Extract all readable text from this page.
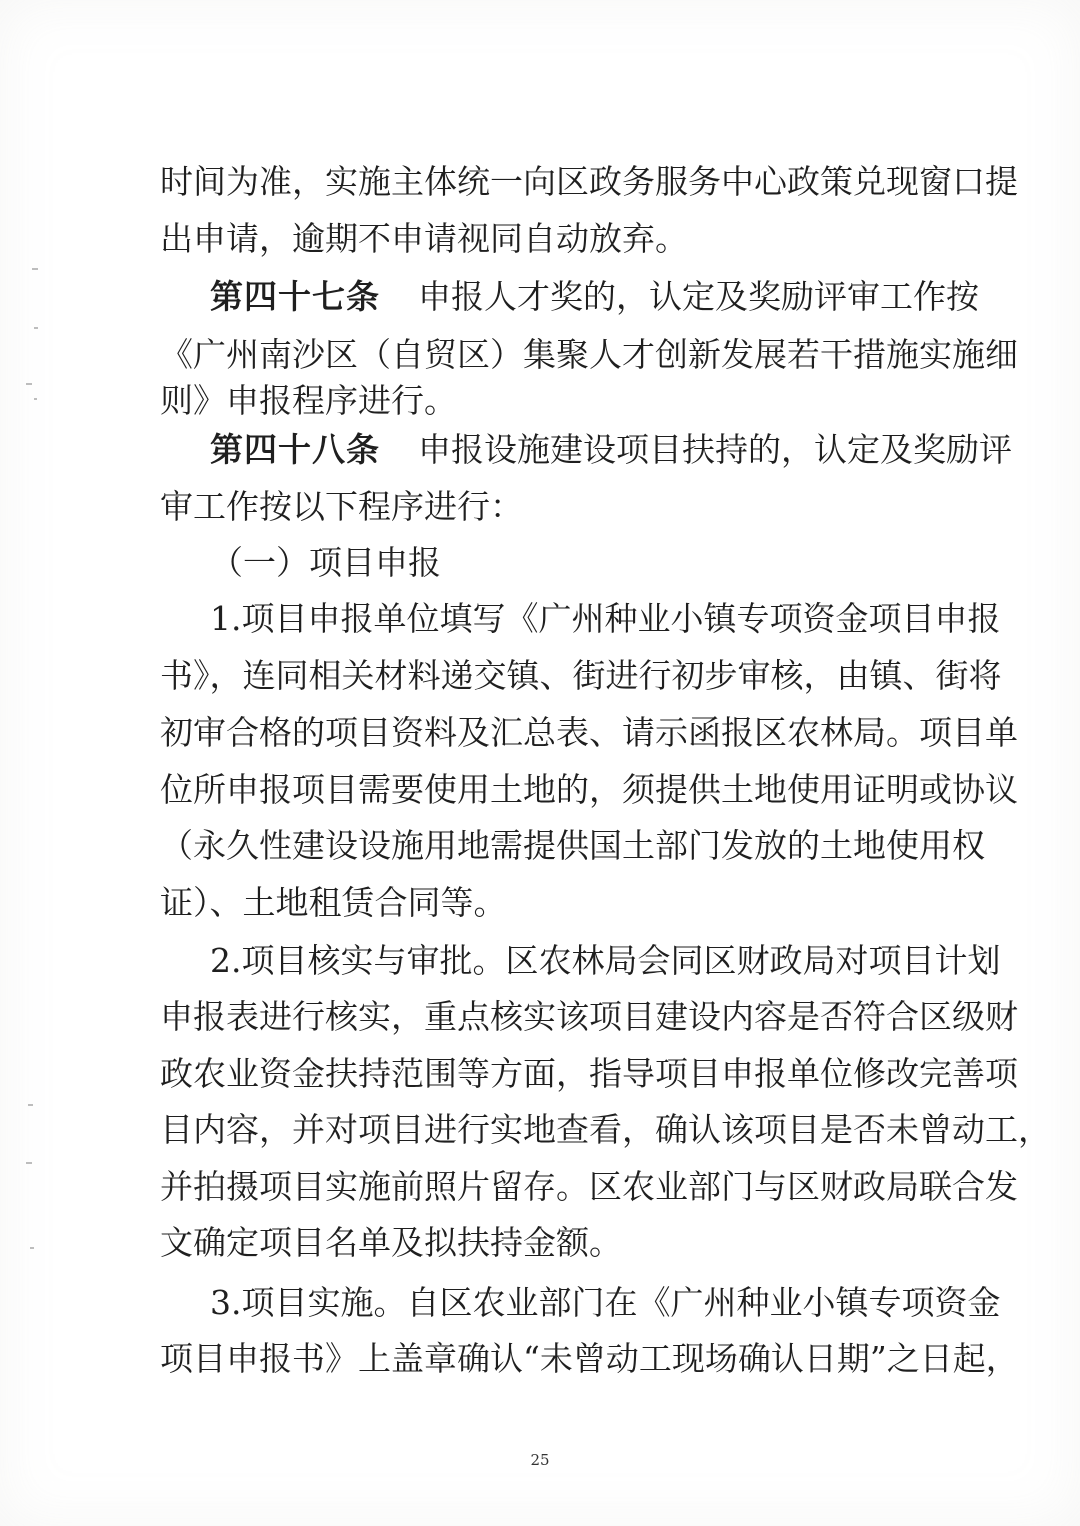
时间为准，实施主体统一向区政务服务中心政策兑现窗口提
出申请，逾期不申请视同自动放弃。
第四十七条 申报人才奖的，认定及奖励评审工作按
《广州南沙区（自贸区）集聚人才创新发展若干措施实施细
则》申报程序进行。
第四十八条 申报设施建设项目扶持的，认定及奖励评
审工作按以下程序进行：
（一）项目申报
1.项目申报单位填写《广州种业小镇专项资金项目申报
书》，连同相关材料递交镇、街进行初步审核，由镇、街将
初审合格的项目资料及汇总表、请示函报区农林局。项目单
位所申报项目需要使用土地的，须提供土地使用证明或协议
（永久性建设设施用地需提供国土部门发放的土地使用权
证）、土地租赁合同等。
2.项目核实与审批。区农林局会同区财政局对项目计划
申报表进行核实，重点核实该项目建设内容是否符合区级财
政农业资金扶持范围等方面，指导项目申报单位修改完善项
目内容，并对项目进行实地查看，确认该项目是否未曾动工，
并拍摄项目实施前照片留存。区农业部门与区财政局联合发
文确定项目名单及拟扶持金额。
3.项目实施。自区农业部门在《广州种业小镇专项资金
项目申报书》上盖章确认“未曾动工现场确认日期”之日起，
25
